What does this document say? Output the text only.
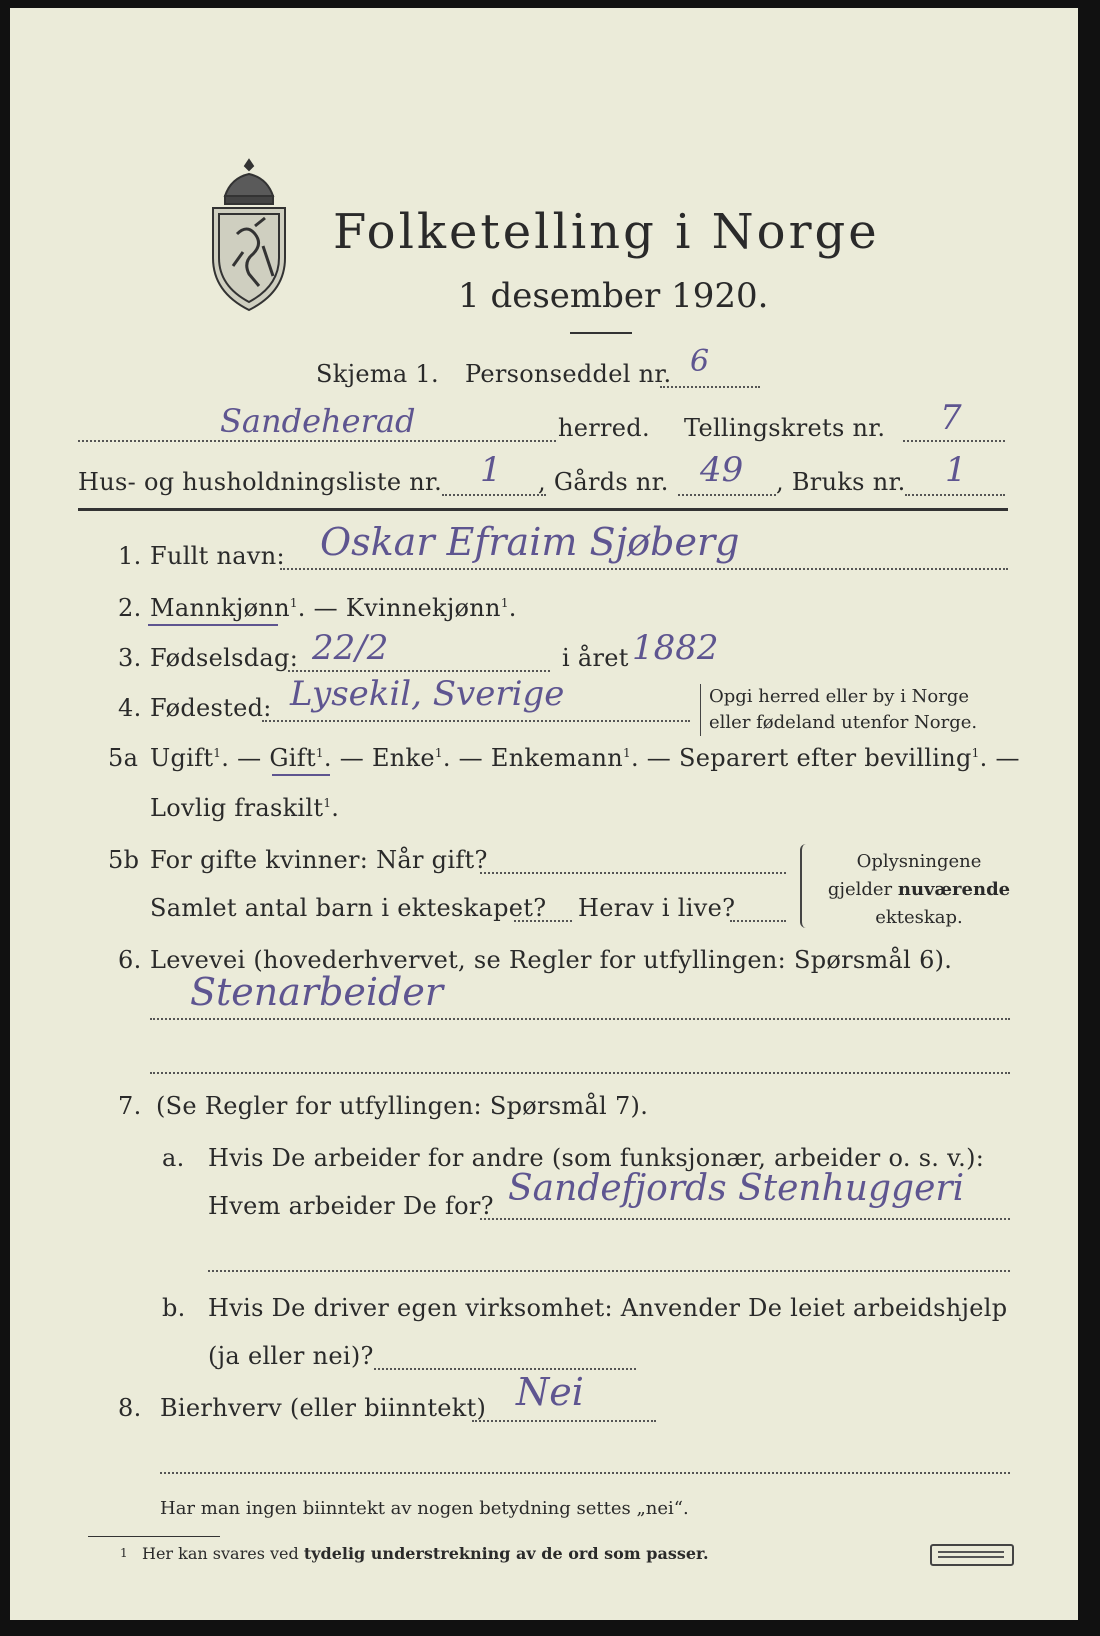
Folketelling i Norge
1 desember 1920.
Skjema 1. Personseddel nr. 6
Sandeherad	herred. Tellingskrets nr. 7
Hus- og husholdningsliste nr. 1 , Gårds nr. 49 , Bruks nr. 1
1. Fullt navn: Oskar Efraim Sjøberg
2. Mannkjønn$^1$. — Kvinnekjønn$^1$.
3. Fødselsdag: 22/2	i året 1882
4. Fødested: Lysekil, Sverige	Opgi herred eller by i Norge
eller fødeland utenfor Norge.
5a Ugift$^1$. — Gift$^1$. — Enke$^1$. — Enkemann$^1$. — Separert efter bevilling$^1$. —
Lovlig fraskilt$^1$.
5b For gifte kvinner: Når gift?
Samlet antal barn i ekteskapet? Herav i live?
Oplysningene
gjelder nuværende
ekteskap.
6. Levevei (hovederhvervet, se Regler for utfyllingen: Spørsmål 6).
Stenarbeider
7. (Se Regler for utfyllingen: Spørsmål 7).
a. Hvis De arbeider for andre (som funksjonær, arbeider o. s. v.):
Hvem arbeider De for? Sandefjords Stenhuggeri
b. Hvis De driver egen virksomhet: Anvender De leiet arbeidshjelp
(ja eller nei)?
8. Bierhverv (eller biinntekt) Nei
Har man ingen biinntekt av nogen betydning settes „nei“.
1 Her kan svares ved tydelig understrekning av de ord som passer.
